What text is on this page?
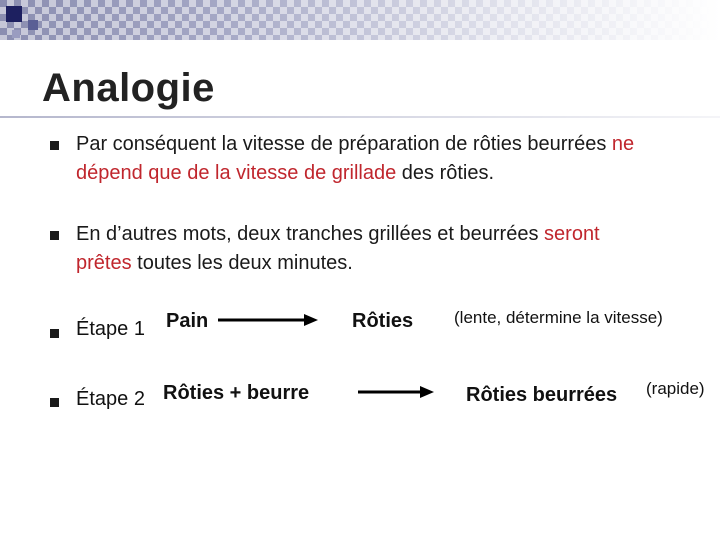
Analogie
Par conséquent la vitesse de préparation de rôties beurrées ne dépend que de la vitesse de grillade des rôties.
En d’autres mots, deux tranches grillées et beurrées seront prêtes toutes les deux minutes.
Étape 1 Pain	Rôties (lente, détermine la vitesse)
Étape 2 Rôties + beurre	Rôties beurrées (rapide)
